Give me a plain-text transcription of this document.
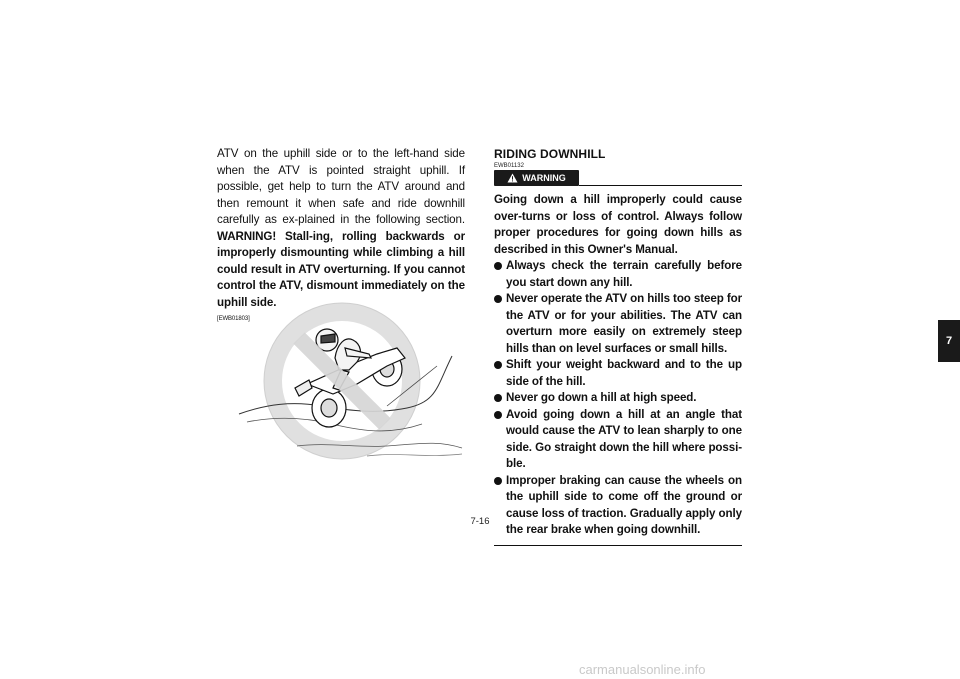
ATV on the uphill side or to the left-hand side when the ATV is pointed straight uphill. If possible, get help to turn the ATV around and then remount it when safe and ride downhill carefully as ex-plained in the following section. WARNING! Stall-ing, rolling backwards or improperly dismounting while climbing a hill could result in ATV overturning. If you cannot control the ATV, dismount immediately on the uphill side.
[EWB01803]
RIDING DOWNHILL
EWB01132
WARNING
Going down a hill improperly could cause over-turns or loss of control. Always follow proper procedures for going down hills as described in this Owner's Manual.
Always check the terrain carefully before you start down any hill.
Never operate the ATV on hills too steep for the ATV or for your abilities. The ATV can overturn more easily on extremely steep hills than on level surfaces or small hills.
Shift your weight backward and to the up side of the hill.
Never go down a hill at high speed.
Avoid going down a hill at an angle that would cause the ATV to lean sharply to one side. Go straight down the hill where possi-ble.
Improper braking can cause the wheels on the uphill side to come off the ground or cause loss of traction. Gradually apply only the rear brake when going downhill.
7
7-16
carmanualsonline.info
